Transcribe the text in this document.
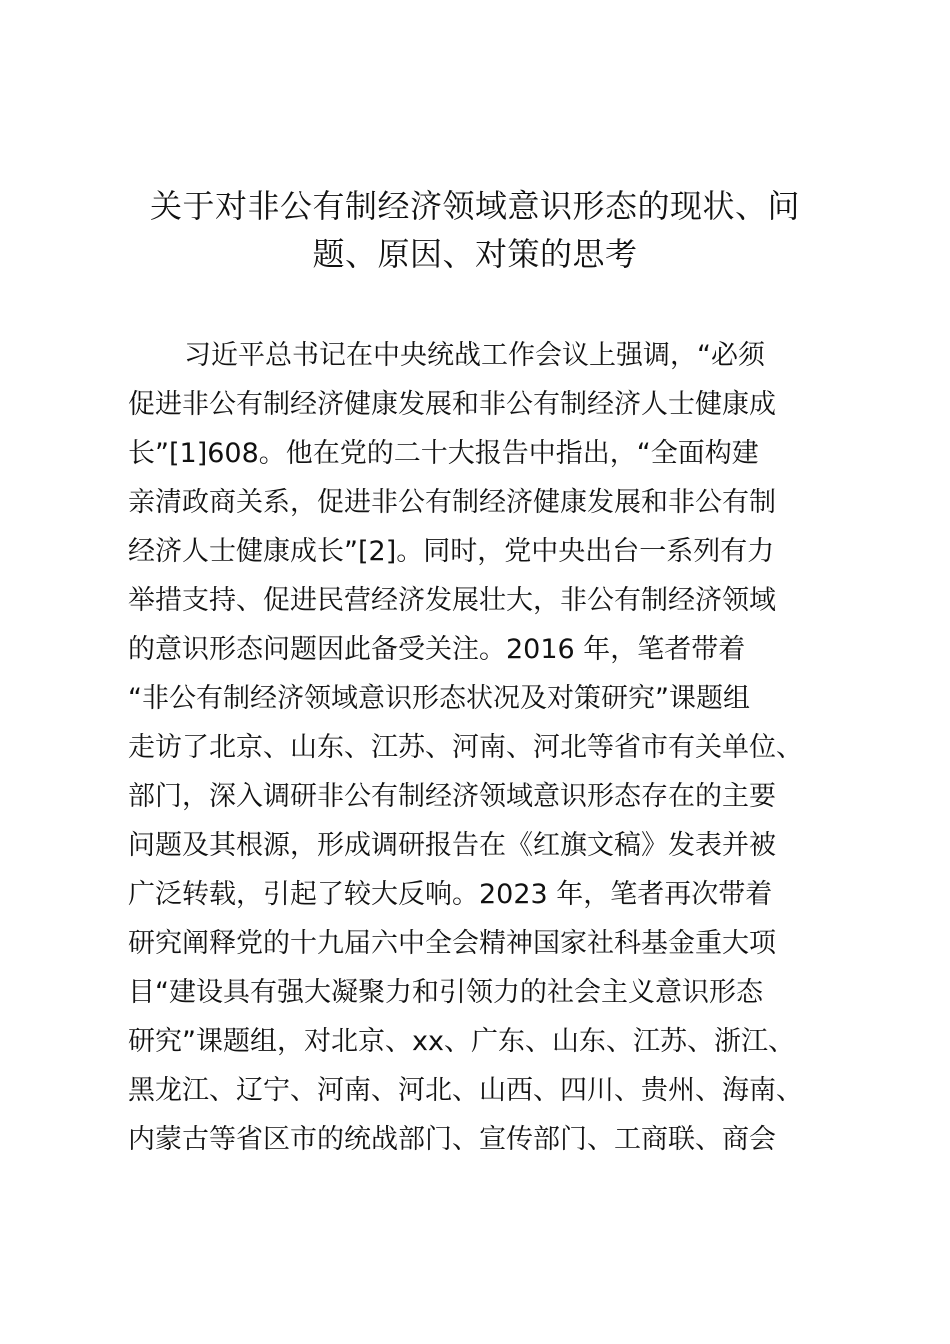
关于对非公有制经济领域意识形态的现状、问
题、原因、对策的思考
习近平总书记在中央统战工作会议上强调，“必须
促进非公有制经济健康发展和非公有制经济人士健康成
长”[1]608。他在党的二十大报告中指出，“全面构建
亲清政商关系，促进非公有制经济健康发展和非公有制
经济人士健康成长”[2]。同时，党中央出台一系列有力
举措支持、促进民营经济发展壮大，非公有制经济领域
的意识形态问题因此备受关注。2016 年，笔者带着
“非公有制经济领域意识形态状况及对策研究”课题组
走访了北京、山东、江苏、河南、河北等省市有关单位、
部门，深入调研非公有制经济领域意识形态存在的主要
问题及其根源，形成调研报告在《红旗文稿》发表并被
广泛转载，引起了较大反响。2023 年，笔者再次带着
研究阐释党的十九届六中全会精神国家社科基金重大项
目“建设具有强大凝聚力和引领力的社会主义意识形态
研究”课题组，对北京、xx、广东、山东、江苏、浙江、
黑龙江、辽宁、河南、河北、山西、四川、贵州、海南、
内蒙古等省区市的统战部门、宣传部门、工商联、商会
